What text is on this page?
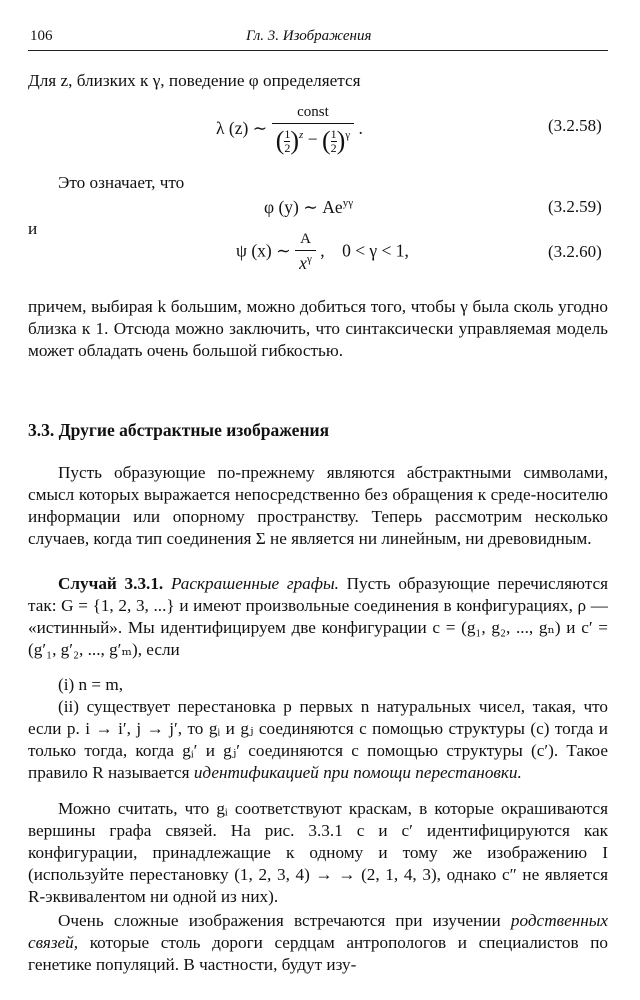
106	Гл. 3. Изображения
Для z, близких к γ, поведение φ определяется
λ (z) ∼ $\frac{\text{const}}{( \frac{1}{2} )^z - ( \frac{1}{2} )^\gamma}$ .	(3.2.58)
Это означает, что
φ (y) ∼ $Ae^{y\gamma}$	(3.2.59)
и
ψ (x) ∼ $\frac{A}{x^\gamma}$ ,    0 < γ < 1,	(3.2.60)
причем, выбирая k большим, можно добиться того, чтобы γ была сколь угодно близка к 1. Отсюда можно заключить, что синтаксически управляемая модель может обладать очень большой гибкостью.
3.3. Другие абстрактные изображения
Пусть образующие по-прежнему являются абстрактными символами, смысл которых выражается непосредственно без обращения к среде-носителю информации или опорному пространству. Теперь рассмотрим несколько случаев, когда тип соединения Σ не является ни линейным, ни древовидным.
Случай 3.3.1. Раскрашенные графы. Пусть образующие перечисляются так: G = {1, 2, 3, ...} и имеют произвольные соединения в конфигурациях, ρ — «истинный». Мы идентифицируем две конфигурации c = (g₁, g₂, ..., gₙ) и c′ = (g′₁, g′₂, ..., g′ₘ), если
(i) n = m,
(ii) существует перестановка p первых n натуральных чисел, такая, что если p. i → i′, j → j′, то gᵢ и gⱼ соединяются с помощью структуры (c) тогда и только тогда, когда gᵢ′ и gⱼ′ соединяются с помощью структуры (c′). Такое правило R называется идентификацией при помощи перестановки.
Можно считать, что gᵢ соответствуют краскам, в которые окрашиваются вершины графа связей. На рис. 3.3.1 c и c′ идентифицируются как конфигурации, принадлежащие к одному и тому же изображению I (используйте перестановку (1, 2, 3, 4) → → (2, 1, 4, 3), однако c″ не является R-эквивалентом ни одной из них).
Очень сложные изображения встречаются при изучении родственных связей, которые столь дороги сердцам антропологов и специалистов по генетике популяций. В частности, будут изу-
